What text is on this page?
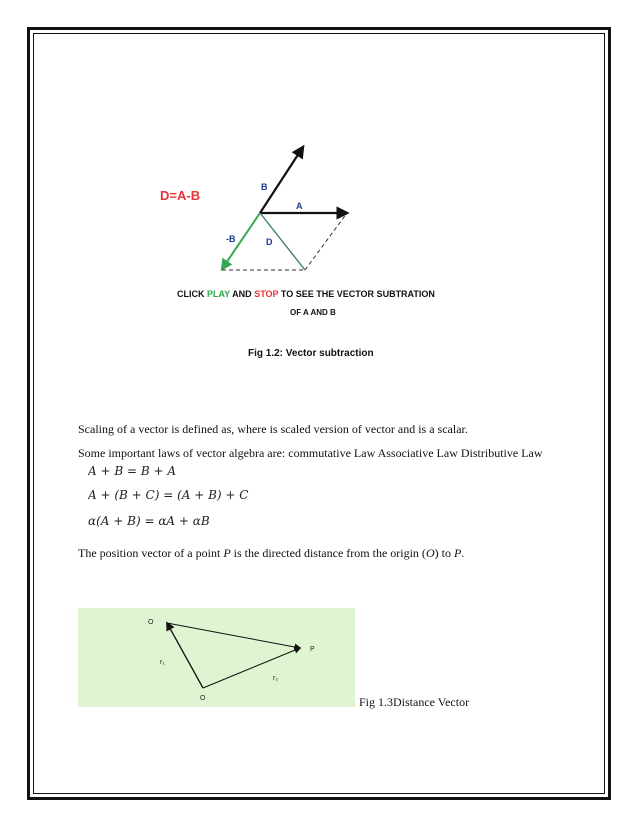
D=A-B
B
A
-B	D
CLICK PLAY AND STOP TO SEE THE VECTOR SUBTRATION
OF A AND B
Fig 1.2: Vector subtraction
Scaling of a vector is defined as, where is scaled version of vector and is a scalar.
Some important laws of vector algebra are: commutative Law Associative Law Distributive Law
A + B = B + A
A + (B + C) = (A + B) + C
α(A + B) = αA + αB
The position vector of a point P is the directed distance from the origin (O) to P.
O
P
O
r₁
r₂
Fig 1.3Distance Vector
